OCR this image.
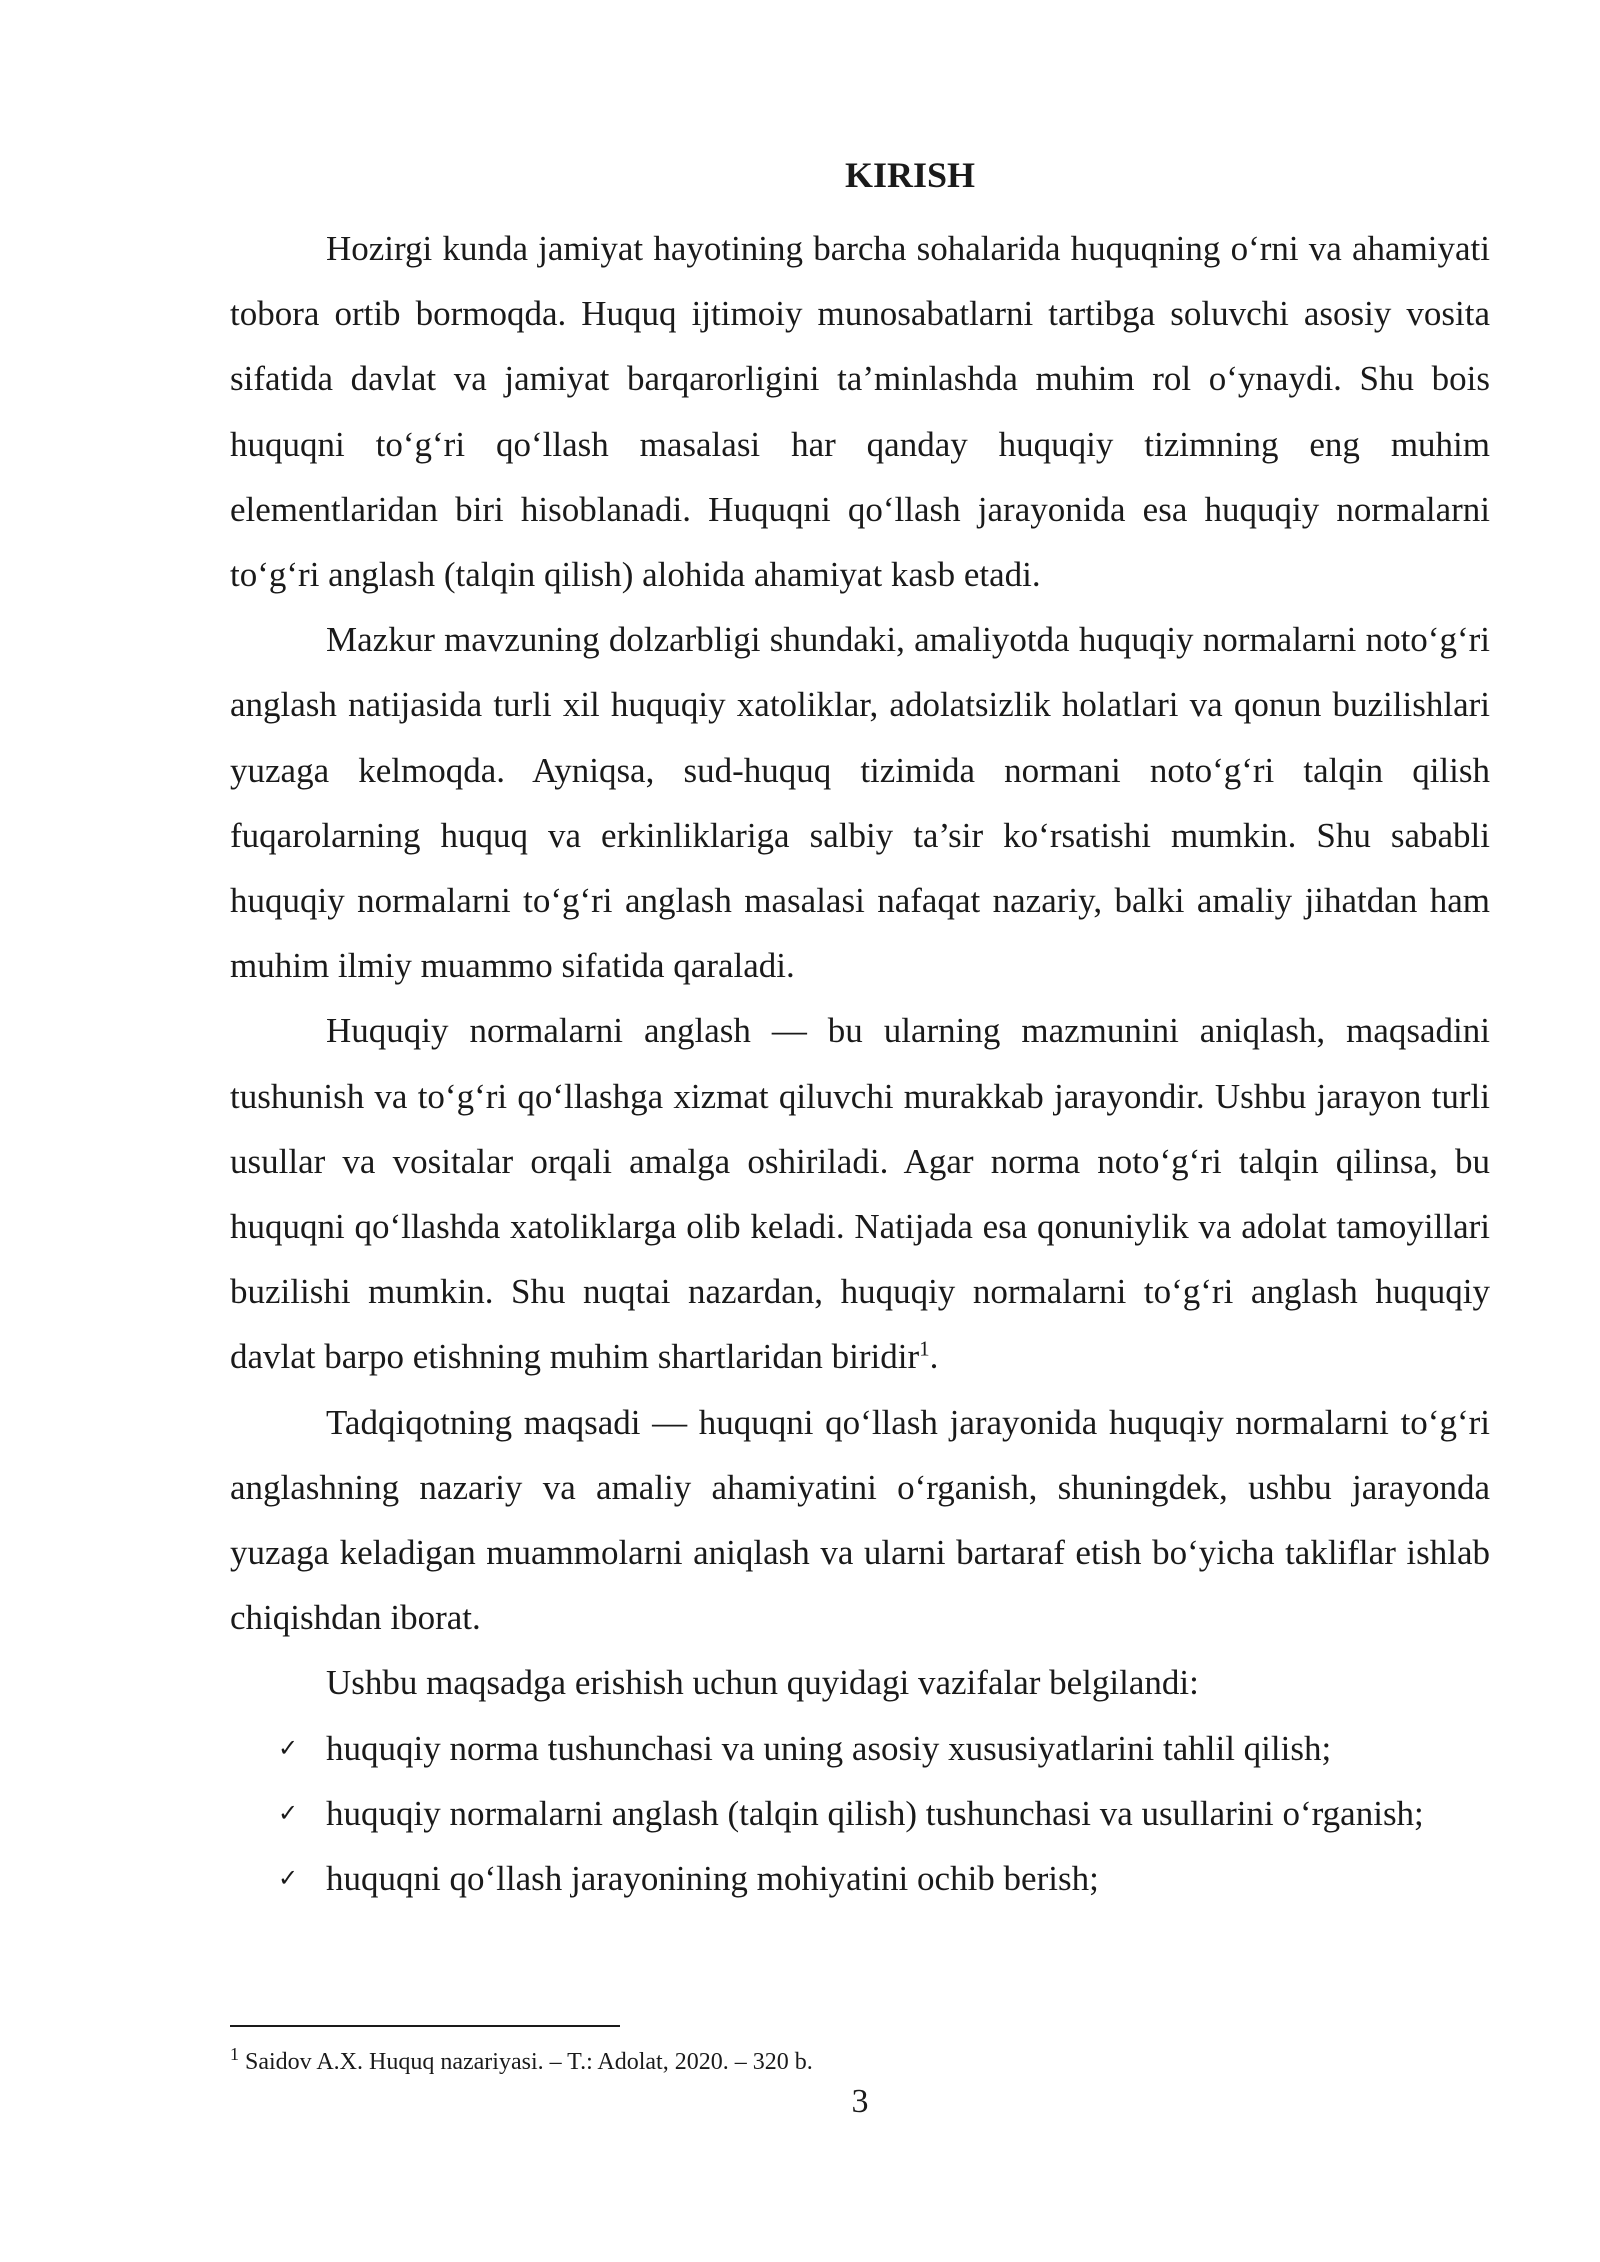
KIRISH

Hozirgi kunda jamiyat hayotining barcha sohalarida huquqning o‘rni va ahamiyati tobora ortib bormoqda. Huquq ijtimoiy munosabatlarni tartibga soluvchi asosiy vosita sifatida davlat va jamiyat barqarorligini ta’minlashda muhim rol o‘ynaydi. Shu bois huquqni to‘g‘ri qo‘llash masalasi har qanday huquqiy tizimning eng muhim elementlaridan biri hisoblanadi. Huquqni qo‘llash jarayonida esa huquqiy normalarni to‘g‘ri anglash (talqin qilish) alohida ahamiyat kasb etadi.

Mazkur mavzuning dolzarbligi shundaki, amaliyotda huquqiy normalarni noto‘g‘ri anglash natijasida turli xil huquqiy xatoliklar, adolatsizlik holatlari va qonun buzilishlari yuzaga kelmoqda. Ayniqsa, sud-huquq tizimida normani noto‘g‘ri talqin qilish fuqarolarning huquq va erkinliklariga salbiy ta’sir ko‘rsatishi mumkin. Shu sababli huquqiy normalarni to‘g‘ri anglash masalasi nafaqat nazariy, balki amaliy jihatdan ham muhim ilmiy muammo sifatida qaraladi.

Huquqiy normalarni anglash — bu ularning mazmunini aniqlash, maqsadini tushunish va to‘g‘ri qo‘llashga xizmat qiluvchi murakkab jarayondir. Ushbu jarayon turli usullar va vositalar orqali amalga oshiriladi. Agar norma noto‘g‘ri talqin qilinsa, bu huquqni qo‘llashda xatoliklarga olib keladi. Natijada esa qonuniylik va adolat tamoyillari buzilishi mumkin. Shu nuqtai nazardan, huquqiy normalarni to‘g‘ri anglash huquqiy davlat barpo etishning muhim shartlaridan biridir$^1$.

Tadqiqotning maqsadi — huquqni qo‘llash jarayonida huquqiy normalarni to‘g‘ri anglashning nazariy va amaliy ahamiyatini o‘rganish, shuningdek, ushbu jarayonda yuzaga keladigan muammolarni aniqlash va ularni bartaraf etish bo‘yicha takliflar ishlab chiqishdan iborat.

Ushbu maqsadga erishish uchun quyidagi vazifalar belgilandi:

✓ huquqiy norma tushunchasi va uning asosiy xususiyatlarini tahlil qilish;
✓ huquqiy normalarni anglash (talqin qilish) tushunchasi va usullarini o‘rganish;
✓ huquqni qo‘llash jarayonining mohiyatini ochib berish;

$^1$ Saidov A.X. Huquq nazariyasi. – T.: Adolat, 2020. – 320 b.

3
